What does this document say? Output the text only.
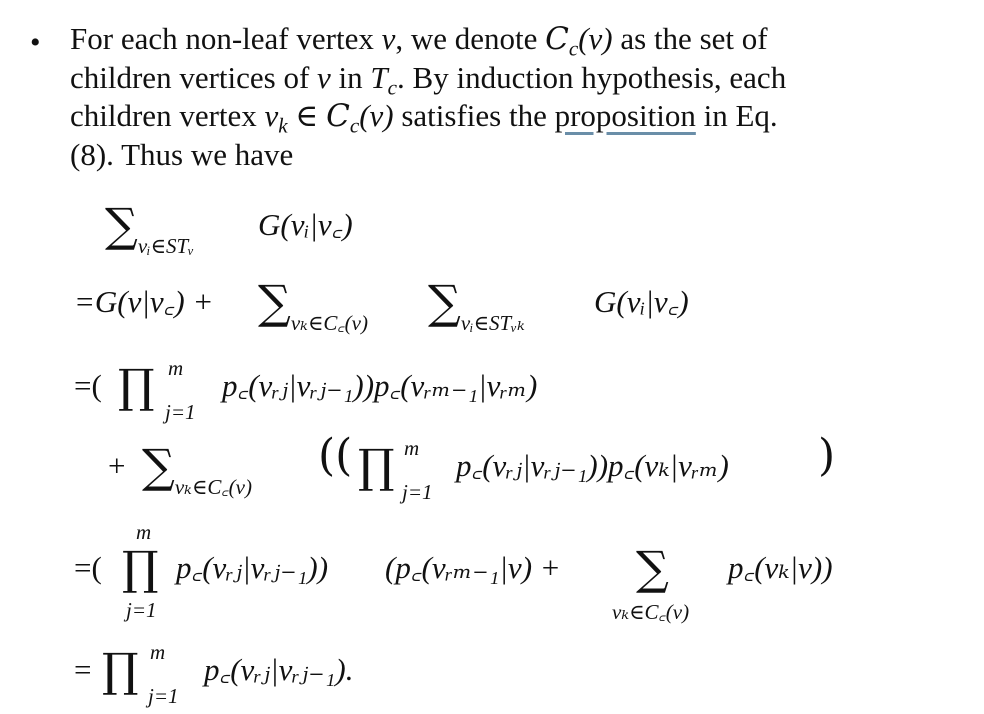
• For each non-leaf vertex v, we denote $C_c(v)$ as the set of
children vertices of v in $T_c$. By induction hypothesis, each
children vertex $v_k$ ∈ $C_c(v)$ satisfies the proposition in Eq.
(8). Thus we have
$\sum_{vᵢ\in STᵥ}$
G(vᵢ|v꜀)
=G(v|v꜀) + $\sum_{v_k\in C꜀(v)}$ $\sum_{vᵢ\in STᵥ_k}$
G(vᵢ|v꜀)
=( ∏ m
j=1
p꜀(vᵣⱼ|vᵣⱼ₋₁))p꜀(vᵣₘ₋₁|vᵣₘ)
+ $\sum_{v_k\in C꜀(v)}$
(( ∏ m
j=1
p꜀(vᵣⱼ|vᵣⱼ₋₁))p꜀(vₖ|vᵣₘ) )
=(
m
∏
j=1
p꜀(vᵣⱼ|vᵣⱼ₋₁)) (p꜀(vᵣₘ₋₁|v) + ∑
vₖ∈C꜀(v)
p꜀(vₖ|v))
= ∏ m
j=1
p꜀(vᵣⱼ|vᵣⱼ₋₁).
